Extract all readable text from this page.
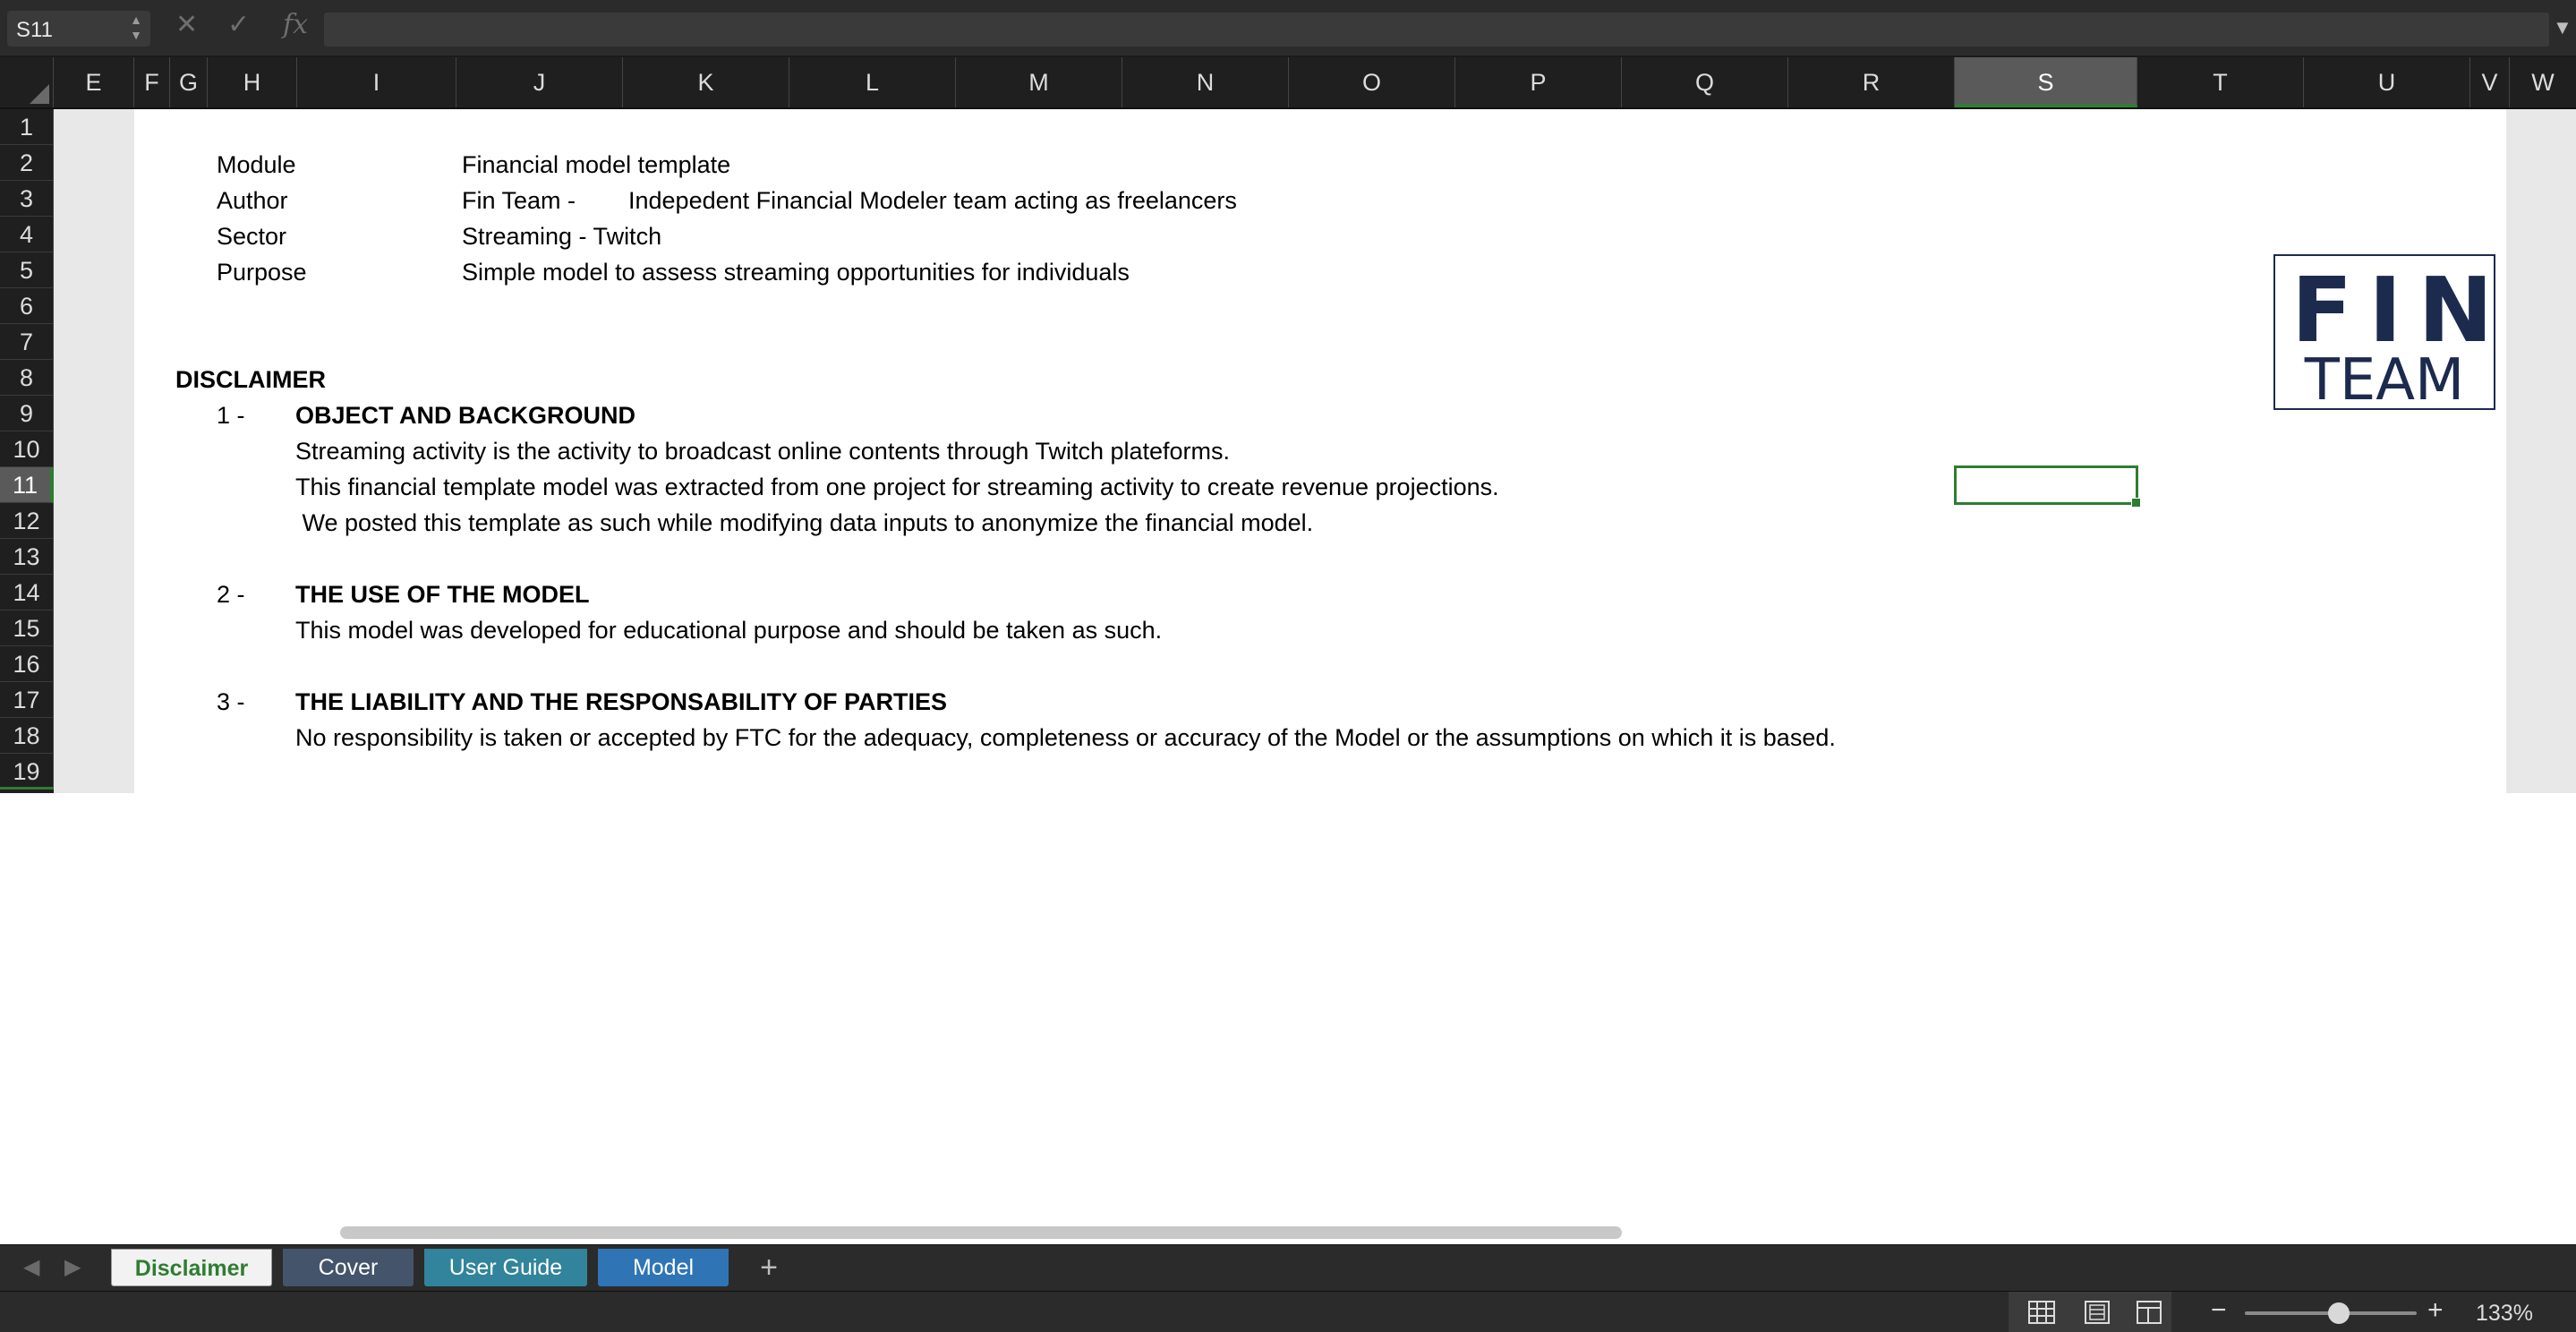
S11	▲
▼ ✕ ✓ fx	▼
E	F G	H	I	J	K	L	M	N	O	P	Q	R	S	T	U	V	W
1
2
3
4
5
6
7
8
9
10
11
12
13
14
15
16
17
18
19
Module	Financial model template
Author	Fin Team - Indepedent Financial Modeler team acting as freelancers
Sector	Streaming - Twitch
Purpose	Simple model to assess streaming opportunities for individuals
DISCLAIMER
1 - OBJECT AND BACKGROUND
Streaming activity is the activity to broadcast online contents through Twitch plateforms.
This financial template model was extracted from one project for streaming activity to create revenue projections.
We posted this template as such while modifying data inputs to anonymize the financial model.
2 - THE USE OF THE MODEL
This model was developed for educational purpose and should be taken as such.
3 - THE LIABILITY AND THE RESPONSABILITY OF PARTIES
No responsibility is taken or accepted by FTC for the adequacy, completeness or accuracy of the Model or the assumptions on which it is based.
FIN
TEAM
◀ ▶	Disclaimer	Cover	User Guide	Model	+
−	+ 133%
